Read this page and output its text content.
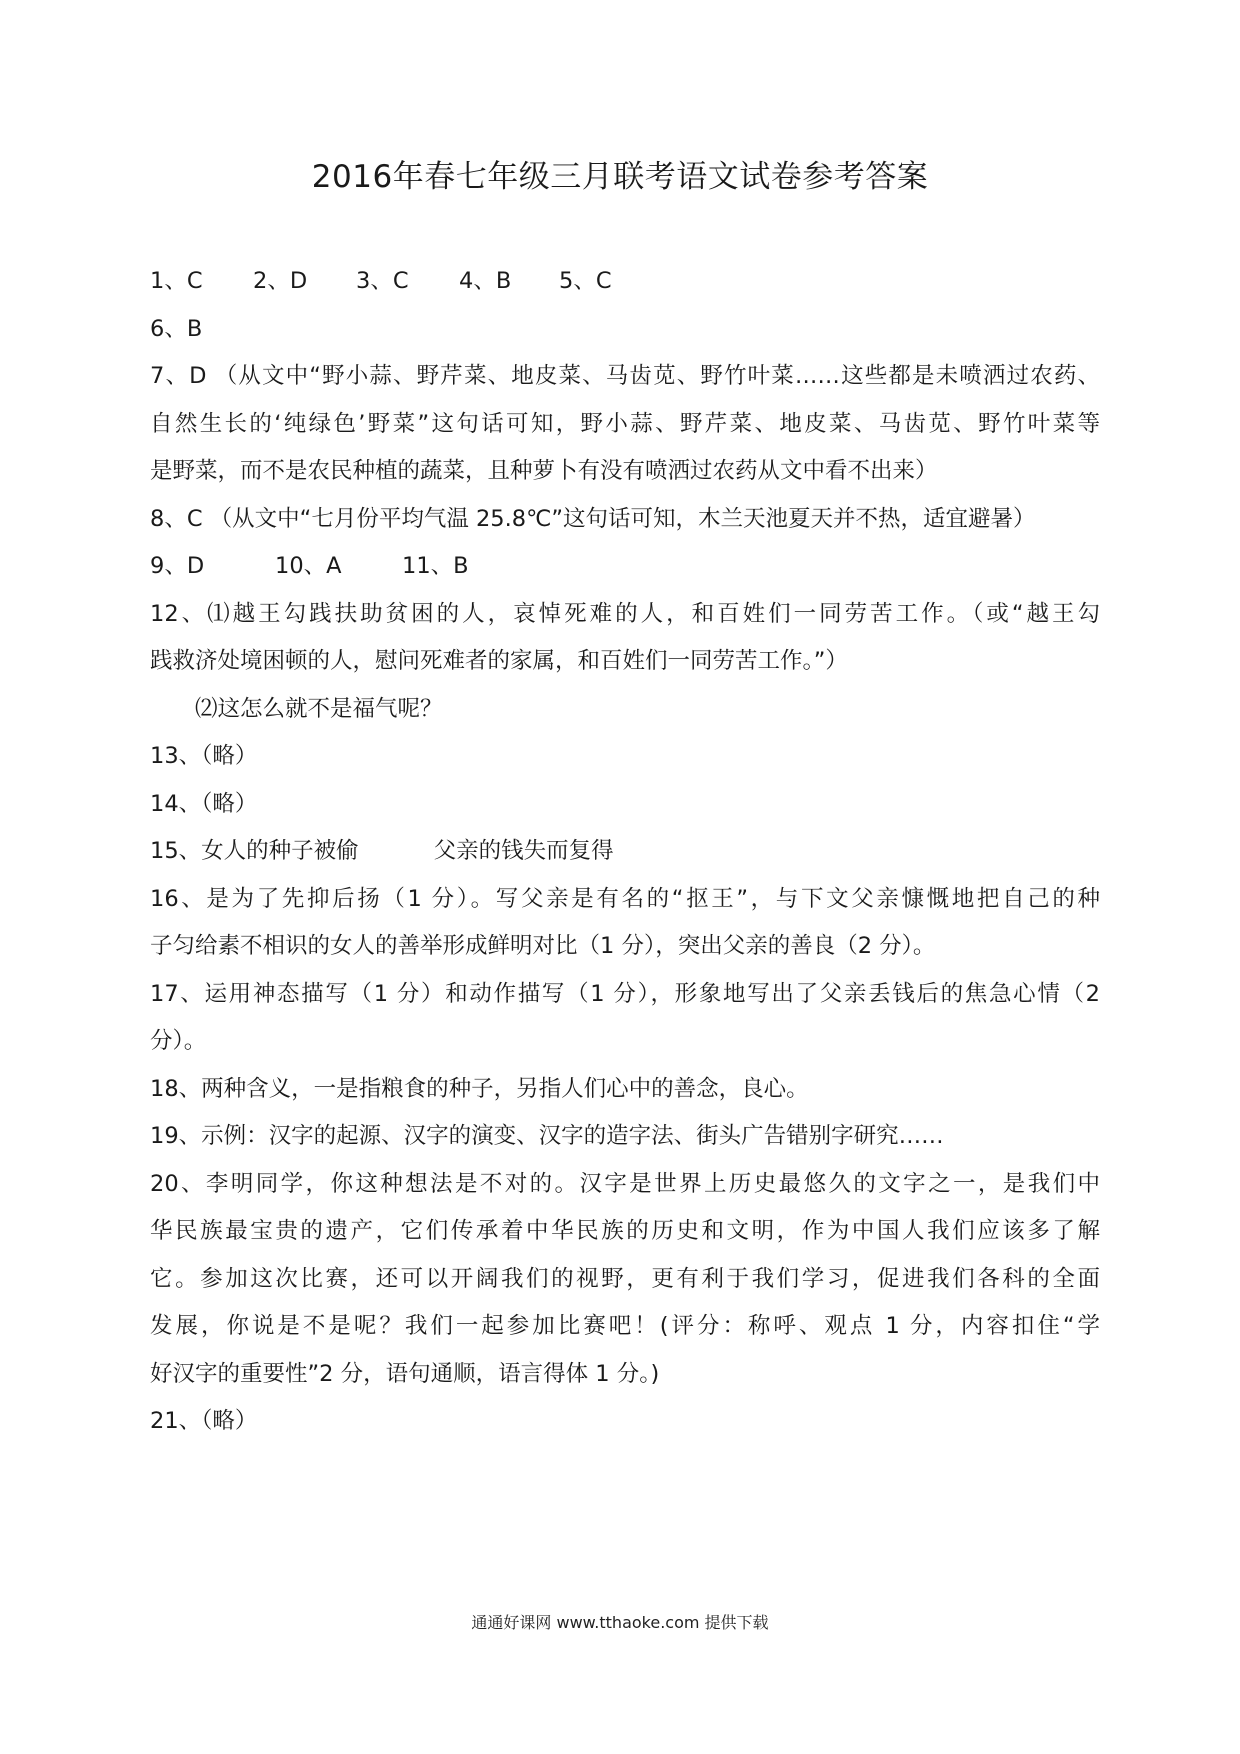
2016年春七年级三月联考语文试卷参考答案
1、C 2、D 3、C 4、B 5、C
6、B
7、D （从文中“野小蒜、野芹菜、地皮菜、马齿苋、野竹叶菜……这些都是未喷洒过农药、
自然生长的‘纯绿色’野菜”这句话可知，野小蒜、野芹菜、地皮菜、马齿苋、野竹叶菜等
是野菜，而不是农民种植的蔬菜，且种萝卜有没有喷洒过农药从文中看不出来）
8、C （从文中“七月份平均气温 25.8℃”这句话可知，木兰天池夏天并不热，适宜避暑）
9、D	10、A	11、B
12、⑴越王勾践扶助贫困的人，哀悼死难的人，和百姓们一同劳苦工作。（或“越王勾
践救济处境困顿的人，慰问死难者的家属，和百姓们一同劳苦工作。”）
⑵这怎么就不是福气呢？
13、（略）
14、（略）
15、女人的种子被偷	父亲的钱失而复得
16、是为了先抑后扬（1 分）。写父亲是有名的“抠王”，与下文父亲慷慨地把自己的种
子匀给素不相识的女人的善举形成鲜明对比（1 分），突出父亲的善良（2 分）。
17、运用神态描写（1 分）和动作描写（1 分），形象地写出了父亲丢钱后的焦急心情（2
分）。
18、两种含义，一是指粮食的种子，另指人们心中的善念，良心。
19、示例：汉字的起源、汉字的演变、汉字的造字法、街头广告错别字研究……
20、李明同学，你这种想法是不对的。汉字是世界上历史最悠久的文字之一，是我们中
华民族最宝贵的遗产，它们传承着中华民族的历史和文明，作为中国人我们应该多了解
它。参加这次比赛，还可以开阔我们的视野，更有利于我们学习，促进我们各科的全面
发展，你说是不是呢？我们一起参加比赛吧！(评分：称呼、观点 1 分，内容扣住“学
好汉字的重要性”2 分，语句通顺，语言得体 1 分。)
21、（略）
通通好课网 www.tthaoke.com 提供下载
